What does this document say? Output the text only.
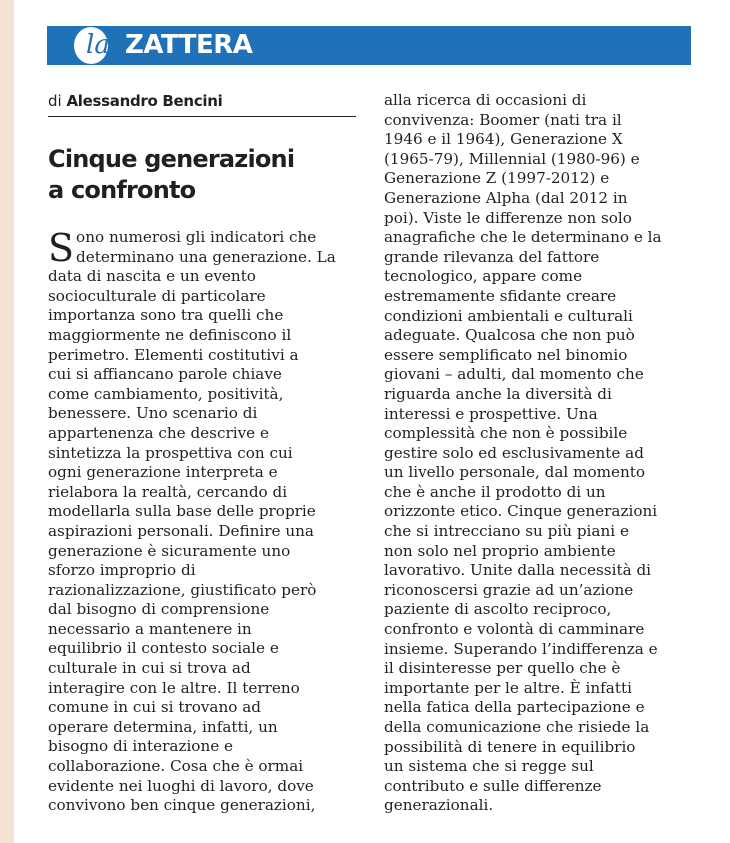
la ZATTERA
di Alessandro Bencini
Cinque generazioni
a confronto
Sono numerosi gli indicatori che
determinano una generazione. La
data di nascita e un evento
socioculturale di particolare
importanza sono tra quelli che
maggiormente ne definiscono il
perimetro. Elementi costitutivi a
cui si affiancano parole chiave
come cambiamento, positività,
benessere. Uno scenario di
appartenenza che descrive e
sintetizza la prospettiva con cui
ogni generazione interpreta e
rielabora la realtà, cercando di
modellarla sulla base delle proprie
aspirazioni personali. Definire una
generazione è sicuramente uno
sforzo improprio di
razionalizzazione, giustificato però
dal bisogno di comprensione
necessario a mantenere in
equilibrio il contesto sociale e
culturale in cui si trova ad
interagire con le altre. Il terreno
comune in cui si trovano ad
operare determina, infatti, un
bisogno di interazione e
collaborazione. Cosa che è ormai
evidente nei luoghi di lavoro, dove
convivono ben cinque generazioni,
alla ricerca di occasioni di
convivenza: Boomer (nati tra il
1946 e il 1964), Generazione X
(1965-79), Millennial (1980-96) e
Generazione Z (1997-2012) e
Generazione Alpha (dal 2012 in
poi). Viste le differenze non solo
anagrafiche che le determinano e la
grande rilevanza del fattore
tecnologico, appare come
estremamente sfidante creare
condizioni ambientali e culturali
adeguate. Qualcosa che non può
essere semplificato nel binomio
giovani – adulti, dal momento che
riguarda anche la diversità di
interessi e prospettive. Una
complessità che non è possibile
gestire solo ed esclusivamente ad
un livello personale, dal momento
che è anche il prodotto di un
orizzonte etico. Cinque generazioni
che si intrecciano su più piani e
non solo nel proprio ambiente
lavorativo. Unite dalla necessità di
riconoscersi grazie ad un’azione
paziente di ascolto reciproco,
confronto e volontà di camminare
insieme. Superando l’indifferenza e
il disinteresse per quello che è
importante per le altre. È infatti
nella fatica della partecipazione e
della comunicazione che risiede la
possibilità di tenere in equilibrio
un sistema che si regge sul
contributo e sulle differenze
generazionali.
